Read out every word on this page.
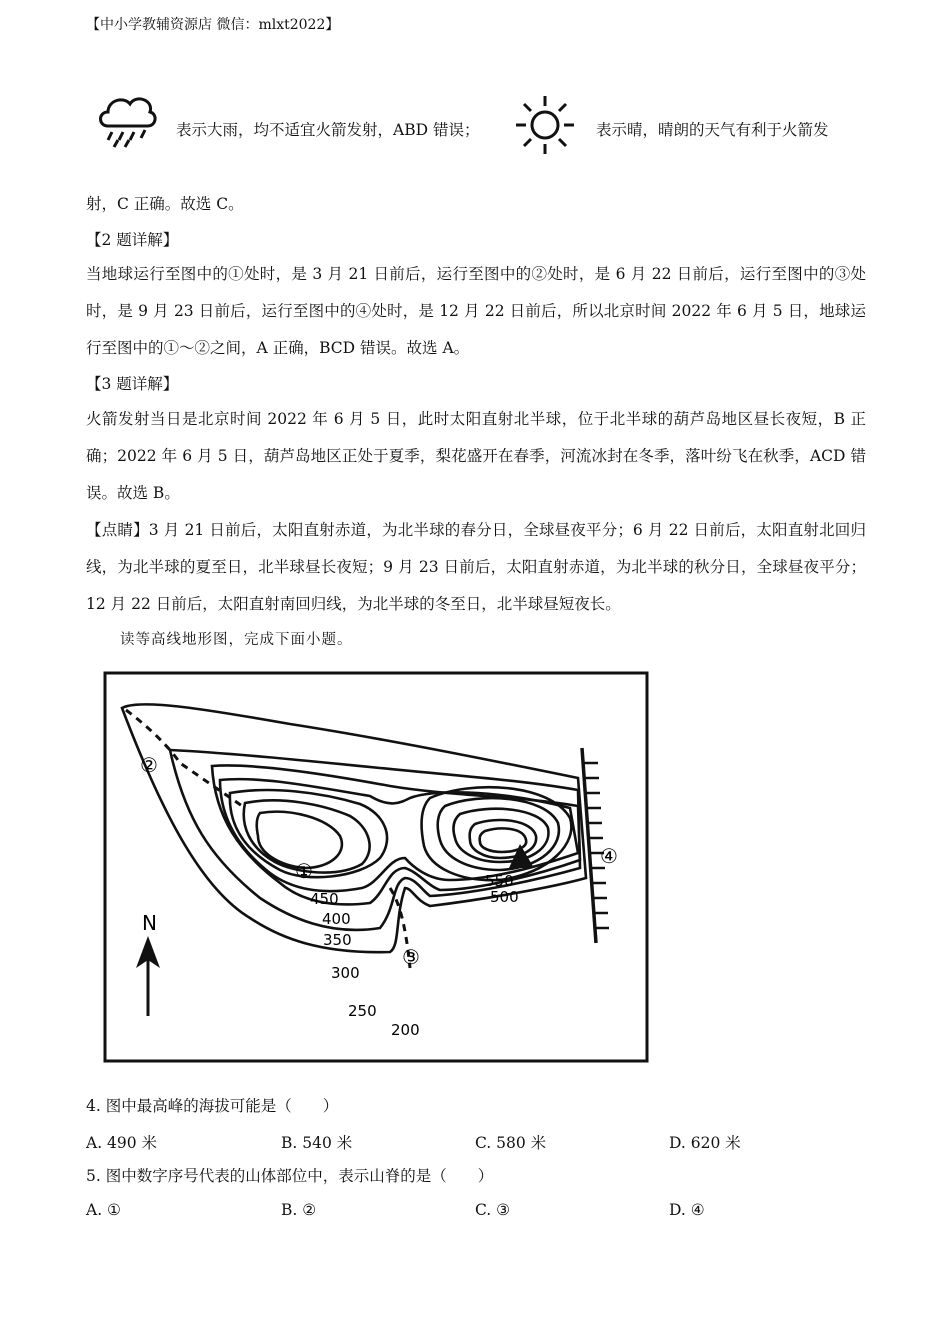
【中小学教辅资源店 微信：mlxt2022】
表示大雨，均不适宜火箭发射，ABD 错误；	表示晴，晴朗的天气有利于火箭发

射，C 正确。故选 C。

【2 题详解】

当地球运行至图中的①处时，是 3 月 21 日前后，运行至图中的②处时，是 6 月 22 日前后，运行至图中的③处时，是 9 月 23 日前后，运行至图中的④处时，是 12 月 22 日前后，所以北京时间 2022 年 6 月 5 日，地球运行至图中的①～②之间，A 正确，BCD 错误。故选 A。

【3 题详解】

火箭发射当日是北京时间 2022 年 6 月 5 日，此时太阳直射北半球，位于北半球的葫芦岛地区昼长夜短，B 正确；2022 年 6 月 5 日，葫芦岛地区正处于夏季，梨花盛开在春季，河流冰封在冬季，落叶纷飞在秋季，ACD 错误。故选 B。

【点睛】3 月 21 日前后，太阳直射赤道，为北半球的春分日，全球昼夜平分；6 月 22 日前后，太阳直射北回归线，为北半球的夏至日，北半球昼长夜短；9 月 23 日前后，太阳直射赤道，为北半球的秋分日，全球昼夜平分；12 月 22 日前后，太阳直射南回归线，为北半球的冬至日，北半球昼短夜长。

读等高线地形图，完成下面小题。
N
①
②
③
④
450
400
350
300
250
200
550
500
4. 图中最高峰的海拔可能是（　　）
A. 490 米	B. 540 米	C. 580 米	D. 620 米
5. 图中数字序号代表的山体部位中，表示山脊的是（　　）
A. ①	B. ②	C. ③	D. ④
